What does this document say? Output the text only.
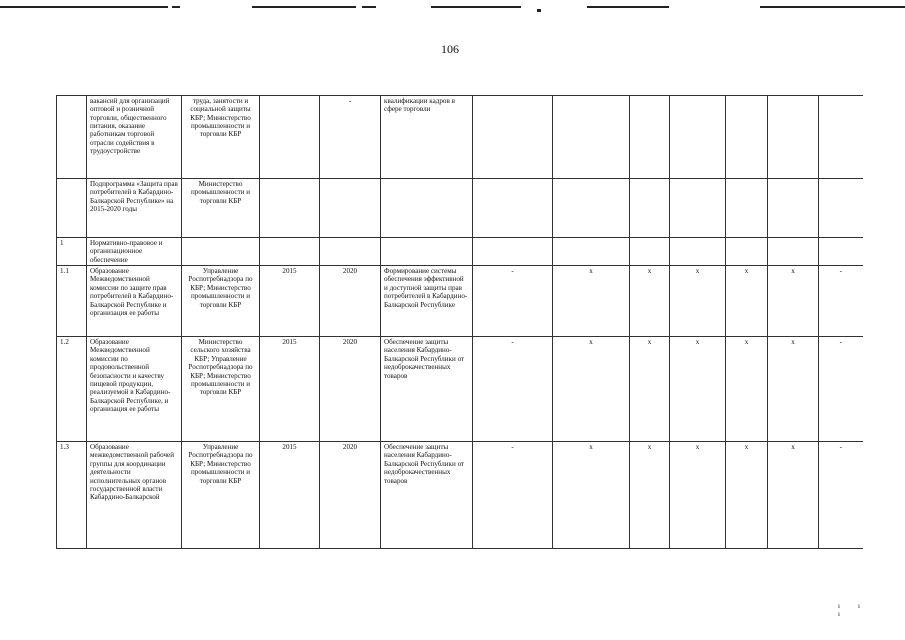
106
	вакансий для организаций оптовой и розничной торговли, общественного питания, оказание работникам торговой отрасли содействия в трудоустройстве	труда, занятости и социальной защиты КБР; Министерство промышленности и торговли КБР		-	квалификации кадров в сфере торговли							
	Подпрограмма «Защита прав потребителей в Кабардино-Балкарской Республике» на 2015-2020 годы	Министерство промышленности и торговли КБР										
1	Нормативно-правовое и организационное обеспечение											
1.1	Образование Межведомственной комиссии по защите прав потребителей в Кабардино-Балкарской Республике и организация ее работы	Управление Роспотребнадзора по КБР; Министерство промышленности и торговли КБР	2015	2020	Формирование системы обеспечения эффективной и доступной защиты прав потребителей в Кабардино-Балкарской Республике	-	x	x	x	x	x	-
1.2	Образование Межведомственной комиссии по продовольственной безопасности и качеству пищевой продукции, реализуемой в Кабардино-Балкарской Республике, и организация ее работы	Министерство сельского хозяйства КБР; Управление Роспотребнадзора по КБР; Министерство промышленности и торговли КБР	2015	2020	Обеспечение защиты населения Кабардино-Балкарской Республики от недоброкачественных товаров	-	x	x	x	x	x	-
1.3	Образование межведомственной рабочей группы для координации деятельности исполнительных органов государственной власти Кабардино-Балкарской	Управление Роспотребнадзора по КБР; Министерство промышленности и торговли КБР	2015	2020	Обеспечение защиты населения Кабардино-Балкарской Республики от недоброкачественных товаров	-	x	x	x	x	x	-
ıı ı
